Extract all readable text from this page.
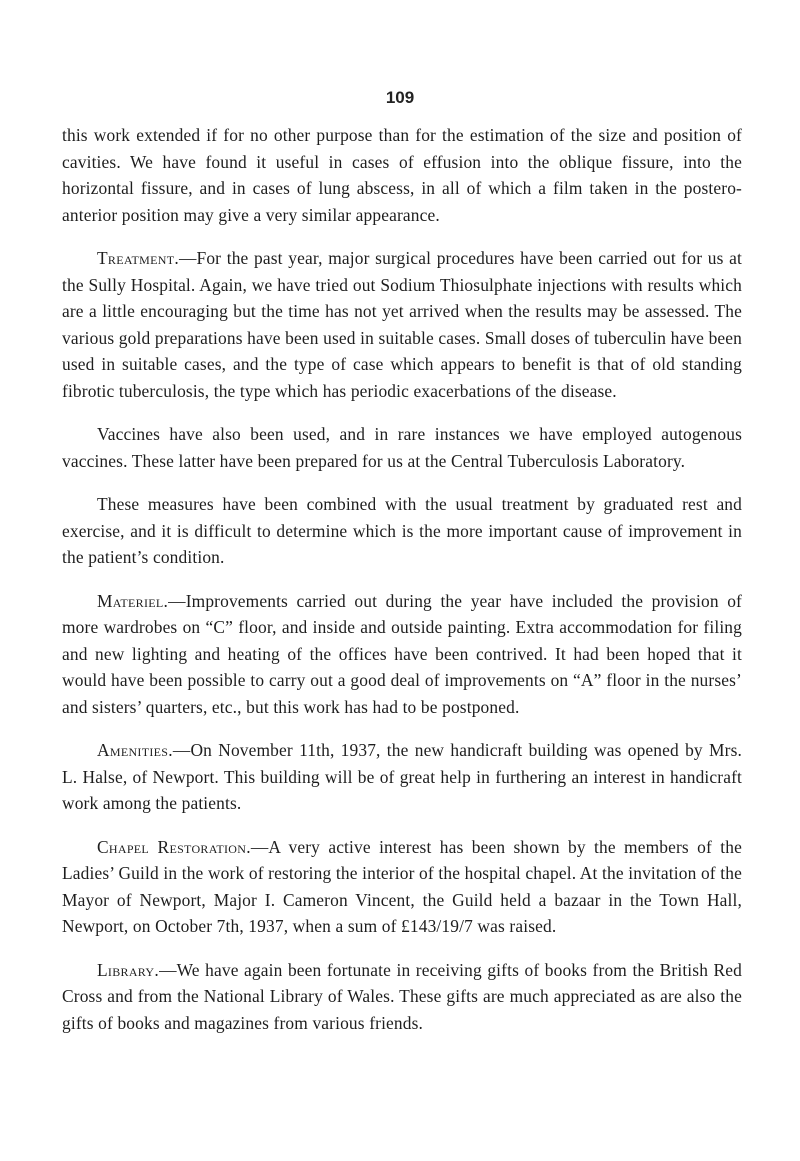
109

this work extended if for no other purpose than for the estimation of the size and position of cavities. We have found it useful in cases of effusion into the oblique fissure, into the horizontal fissure, and in cases of lung abscess, in all of which a film taken in the postero-anterior position may give a very similar appearance.

Treatment.—For the past year, major surgical procedures have been carried out for us at the Sully Hospital. Again, we have tried out Sodium Thiosulphate injections with results which are a little encouraging but the time has not yet arrived when the results may be assessed. The various gold preparations have been used in suitable cases. Small doses of tuberculin have been used in suitable cases, and the type of case which appears to benefit is that of old standing fibrotic tuberculosis, the type which has periodic exacerbations of the disease.

Vaccines have also been used, and in rare instances we have employed autogenous vaccines. These latter have been prepared for us at the Central Tuberculosis Laboratory.

These measures have been combined with the usual treatment by graduated rest and exercise, and it is difficult to determine which is the more important cause of improvement in the patient’s condition.

Materiel.—Improvements carried out during the year have included the provision of more wardrobes on “C” floor, and inside and outside painting. Extra accommodation for filing and new lighting and heating of the offices have been contrived. It had been hoped that it would have been possible to carry out a good deal of improvements on “A” floor in the nurses’ and sisters’ quarters, etc., but this work has had to be postponed.

Amenities.—On November 11th, 1937, the new handicraft building was opened by Mrs. L. Halse, of Newport. This building will be of great help in furthering an interest in handicraft work among the patients.

Chapel Restoration.—A very active interest has been shown by the members of the Ladies’ Guild in the work of restoring the interior of the hospital chapel. At the invitation of the Mayor of Newport, Major I. Cameron Vincent, the Guild held a bazaar in the Town Hall, Newport, on October 7th, 1937, when a sum of £143/19/7 was raised.

Library.—We have again been fortunate in receiving gifts of books from the British Red Cross and from the National Library of Wales. These gifts are much appreciated as are also the gifts of books and magazines from various friends.
